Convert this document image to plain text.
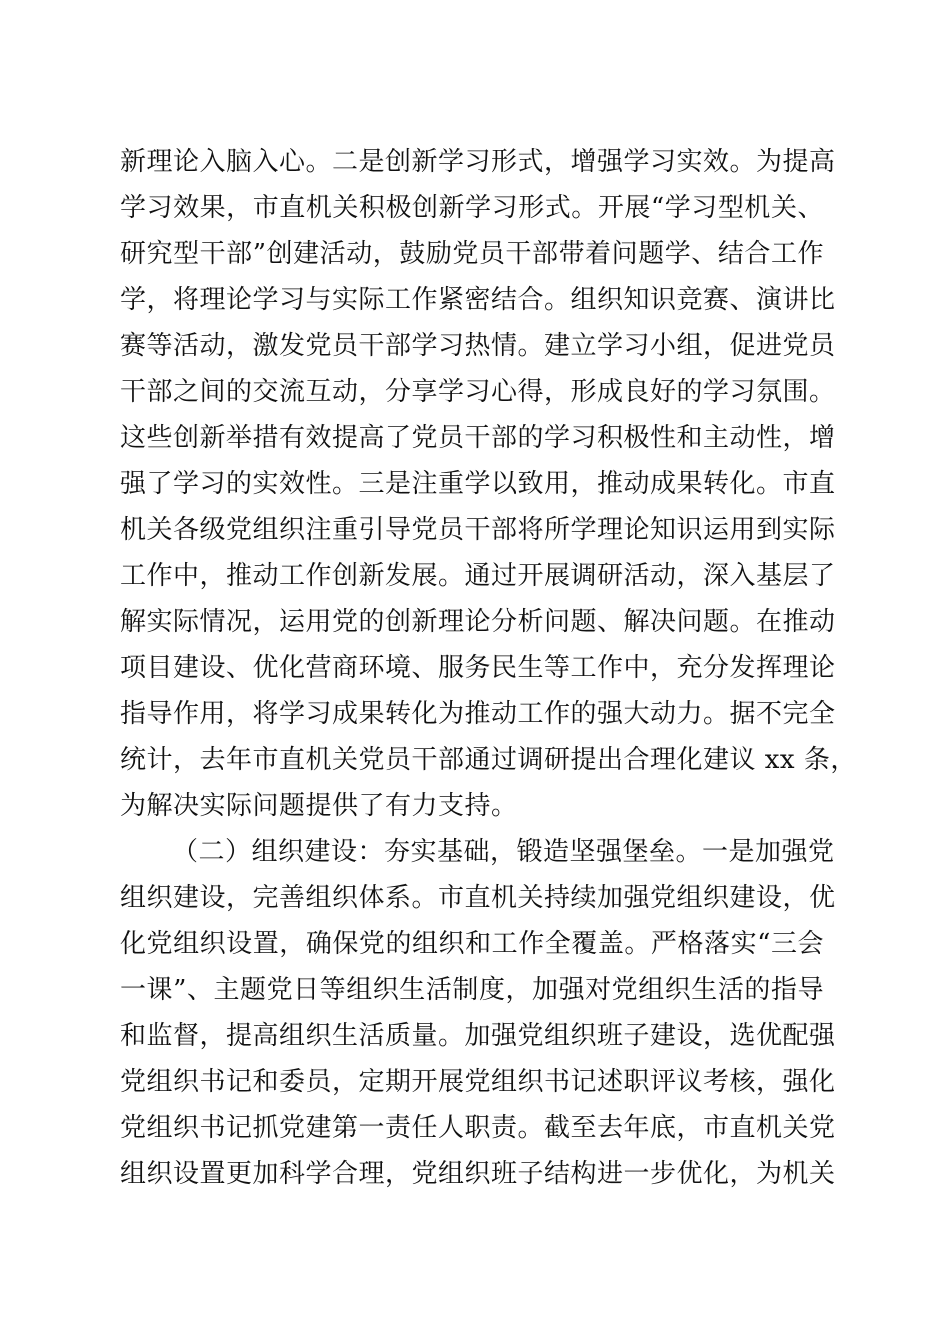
新理论入脑入心。二是创新学习形式，增强学习实效。为提高
学习效果，市直机关积极创新学习形式。开展“学习型机关、
研究型干部”创建活动，鼓励党员干部带着问题学、结合工作
学，将理论学习与实际工作紧密结合。组织知识竞赛、演讲比
赛等活动，激发党员干部学习热情。建立学习小组，促进党员
干部之间的交流互动，分享学习心得，形成良好的学习氛围。
这些创新举措有效提高了党员干部的学习积极性和主动性，增
强了学习的实效性。三是注重学以致用，推动成果转化。市直
机关各级党组织注重引导党员干部将所学理论知识运用到实际
工作中，推动工作创新发展。通过开展调研活动，深入基层了
解实际情况，运用党的创新理论分析问题、解决问题。在推动
项目建设、优化营商环境、服务民生等工作中，充分发挥理论
指导作用，将学习成果转化为推动工作的强大动力。据不完全
统计，去年市直机关党员干部通过调研提出合理化建议 xx 条，
为解决实际问题提供了有力支持。
（二）组织建设：夯实基础，锻造坚强堡垒。一是加强党
组织建设，完善组织体系。市直机关持续加强党组织建设，优
化党组织设置，确保党的组织和工作全覆盖。严格落实“三会
一课”、主题党日等组织生活制度，加强对党组织生活的指导
和监督，提高组织生活质量。加强党组织班子建设，选优配强
党组织书记和委员，定期开展党组织书记述职评议考核，强化
党组织书记抓党建第一责任人职责。截至去年底，市直机关党
组织设置更加科学合理，党组织班子结构进一步优化，为机关
